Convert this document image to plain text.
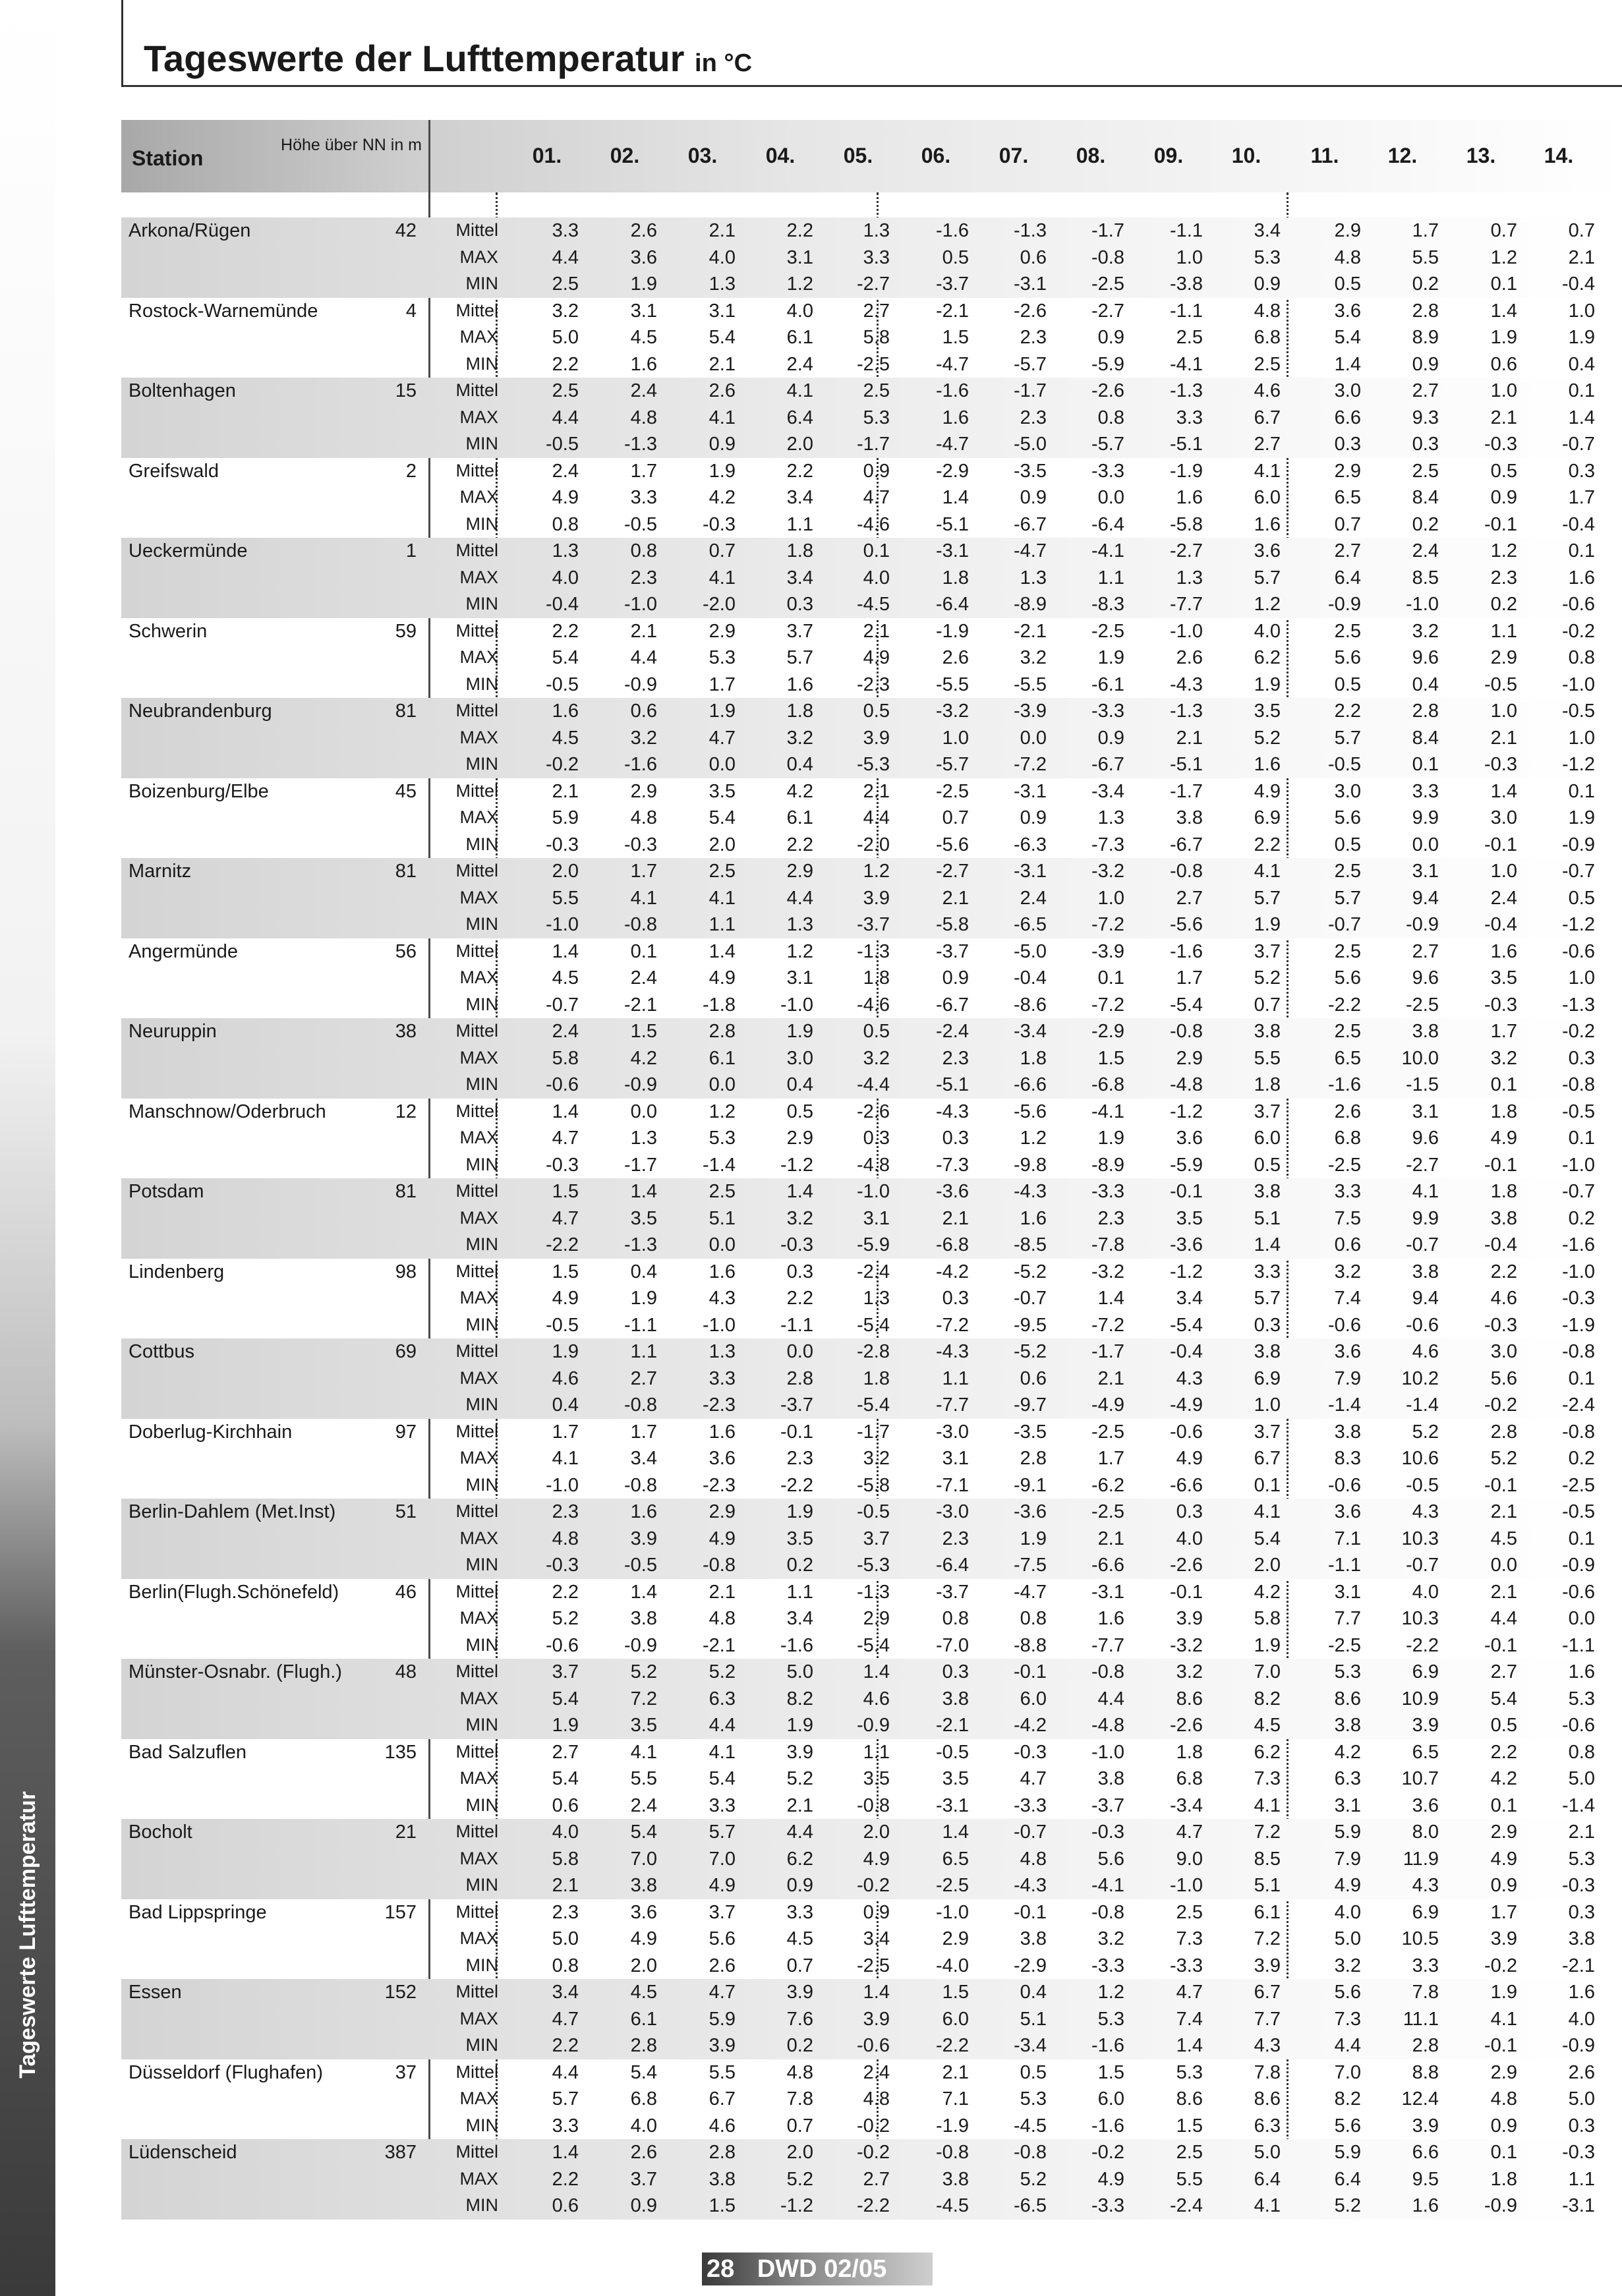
Tageswerte Lufttemperatur
Tageswerte der Lufttemperatur in °C
Station
Höhe über NN in m	01.	02.	03.	04.	05.	06.	07.	08.	09.	10.	11.	12.	13.	14.
Arkona/Rügen	42	Mittel	3.3	2.6	2.1	2.2	1.3	-1.6	-1.3	-1.7	-1.1	3.4	2.9	1.7	0.7	0.7
MAX	4.4	3.6	4.0	3.1	3.3	0.5	0.6	-0.8	1.0	5.3	4.8	5.5	1.2	2.1
MIN	2.5	1.9	1.3	1.2	-2.7	-3.7	-3.1	-2.5	-3.8	0.9	0.5	0.2	0.1	-0.4
Rostock-Warnemünde	4	Mittel	3.2	3.1	3.1	4.0	2.7	-2.1	-2.6	-2.7	-1.1	4.8	3.6	2.8	1.4	1.0
MAX	5.0	4.5	5.4	6.1	5.8	1.5	2.3	0.9	2.5	6.8	5.4	8.9	1.9	1.9
MIN	2.2	1.6	2.1	2.4	-2.5	-4.7	-5.7	-5.9	-4.1	2.5	1.4	0.9	0.6	0.4
Boltenhagen	15	Mittel	2.5	2.4	2.6	4.1	2.5	-1.6	-1.7	-2.6	-1.3	4.6	3.0	2.7	1.0	0.1
MAX	4.4	4.8	4.1	6.4	5.3	1.6	2.3	0.8	3.3	6.7	6.6	9.3	2.1	1.4
MIN	-0.5	-1.3	0.9	2.0	-1.7	-4.7	-5.0	-5.7	-5.1	2.7	0.3	0.3	-0.3	-0.7
Greifswald	2	Mittel	2.4	1.7	1.9	2.2	0.9	-2.9	-3.5	-3.3	-1.9	4.1	2.9	2.5	0.5	0.3
MAX	4.9	3.3	4.2	3.4	4.7	1.4	0.9	0.0	1.6	6.0	6.5	8.4	0.9	1.7
MIN	0.8	-0.5	-0.3	1.1	-4.6	-5.1	-6.7	-6.4	-5.8	1.6	0.7	0.2	-0.1	-0.4
Ueckermünde	1	Mittel	1.3	0.8	0.7	1.8	0.1	-3.1	-4.7	-4.1	-2.7	3.6	2.7	2.4	1.2	0.1
MAX	4.0	2.3	4.1	3.4	4.0	1.8	1.3	1.1	1.3	5.7	6.4	8.5	2.3	1.6
MIN	-0.4	-1.0	-2.0	0.3	-4.5	-6.4	-8.9	-8.3	-7.7	1.2	-0.9	-1.0	0.2	-0.6
Schwerin	59	Mittel	2.2	2.1	2.9	3.7	2.1	-1.9	-2.1	-2.5	-1.0	4.0	2.5	3.2	1.1	-0.2
MAX	5.4	4.4	5.3	5.7	4.9	2.6	3.2	1.9	2.6	6.2	5.6	9.6	2.9	0.8
MIN	-0.5	-0.9	1.7	1.6	-2.3	-5.5	-5.5	-6.1	-4.3	1.9	0.5	0.4	-0.5	-1.0
Neubrandenburg	81	Mittel	1.6	0.6	1.9	1.8	0.5	-3.2	-3.9	-3.3	-1.3	3.5	2.2	2.8	1.0	-0.5
MAX	4.5	3.2	4.7	3.2	3.9	1.0	0.0	0.9	2.1	5.2	5.7	8.4	2.1	1.0
MIN	-0.2	-1.6	0.0	0.4	-5.3	-5.7	-7.2	-6.7	-5.1	1.6	-0.5	0.1	-0.3	-1.2
Boizenburg/Elbe	45	Mittel	2.1	2.9	3.5	4.2	2.1	-2.5	-3.1	-3.4	-1.7	4.9	3.0	3.3	1.4	0.1
MAX	5.9	4.8	5.4	6.1	4.4	0.7	0.9	1.3	3.8	6.9	5.6	9.9	3.0	1.9
MIN	-0.3	-0.3	2.0	2.2	-2.0	-5.6	-6.3	-7.3	-6.7	2.2	0.5	0.0	-0.1	-0.9
Marnitz	81	Mittel	2.0	1.7	2.5	2.9	1.2	-2.7	-3.1	-3.2	-0.8	4.1	2.5	3.1	1.0	-0.7
MAX	5.5	4.1	4.1	4.4	3.9	2.1	2.4	1.0	2.7	5.7	5.7	9.4	2.4	0.5
MIN	-1.0	-0.8	1.1	1.3	-3.7	-5.8	-6.5	-7.2	-5.6	1.9	-0.7	-0.9	-0.4	-1.2
Angermünde	56	Mittel	1.4	0.1	1.4	1.2	-1.3	-3.7	-5.0	-3.9	-1.6	3.7	2.5	2.7	1.6	-0.6
MAX	4.5	2.4	4.9	3.1	1.8	0.9	-0.4	0.1	1.7	5.2	5.6	9.6	3.5	1.0
MIN	-0.7	-2.1	-1.8	-1.0	-4.6	-6.7	-8.6	-7.2	-5.4	0.7	-2.2	-2.5	-0.3	-1.3
Neuruppin	38	Mittel	2.4	1.5	2.8	1.9	0.5	-2.4	-3.4	-2.9	-0.8	3.8	2.5	3.8	1.7	-0.2
MAX	5.8	4.2	6.1	3.0	3.2	2.3	1.8	1.5	2.9	5.5	6.5	10.0	3.2	0.3
MIN	-0.6	-0.9	0.0	0.4	-4.4	-5.1	-6.6	-6.8	-4.8	1.8	-1.6	-1.5	0.1	-0.8
Manschnow/Oderbruch	12	Mittel	1.4	0.0	1.2	0.5	-2.6	-4.3	-5.6	-4.1	-1.2	3.7	2.6	3.1	1.8	-0.5
MAX	4.7	1.3	5.3	2.9	0.3	0.3	1.2	1.9	3.6	6.0	6.8	9.6	4.9	0.1
MIN	-0.3	-1.7	-1.4	-1.2	-4.8	-7.3	-9.8	-8.9	-5.9	0.5	-2.5	-2.7	-0.1	-1.0
Potsdam	81	Mittel	1.5	1.4	2.5	1.4	-1.0	-3.6	-4.3	-3.3	-0.1	3.8	3.3	4.1	1.8	-0.7
MAX	4.7	3.5	5.1	3.2	3.1	2.1	1.6	2.3	3.5	5.1	7.5	9.9	3.8	0.2
MIN	-2.2	-1.3	0.0	-0.3	-5.9	-6.8	-8.5	-7.8	-3.6	1.4	0.6	-0.7	-0.4	-1.6
Lindenberg	98	Mittel	1.5	0.4	1.6	0.3	-2.4	-4.2	-5.2	-3.2	-1.2	3.3	3.2	3.8	2.2	-1.0
MAX	4.9	1.9	4.3	2.2	1.3	0.3	-0.7	1.4	3.4	5.7	7.4	9.4	4.6	-0.3
MIN	-0.5	-1.1	-1.0	-1.1	-5.4	-7.2	-9.5	-7.2	-5.4	0.3	-0.6	-0.6	-0.3	-1.9
Cottbus	69	Mittel	1.9	1.1	1.3	0.0	-2.8	-4.3	-5.2	-1.7	-0.4	3.8	3.6	4.6	3.0	-0.8
MAX	4.6	2.7	3.3	2.8	1.8	1.1	0.6	2.1	4.3	6.9	7.9	10.2	5.6	0.1
MIN	0.4	-0.8	-2.3	-3.7	-5.4	-7.7	-9.7	-4.9	-4.9	1.0	-1.4	-1.4	-0.2	-2.4
Doberlug-Kirchhain	97	Mittel	1.7	1.7	1.6	-0.1	-1.7	-3.0	-3.5	-2.5	-0.6	3.7	3.8	5.2	2.8	-0.8
MAX	4.1	3.4	3.6	2.3	3.2	3.1	2.8	1.7	4.9	6.7	8.3	10.6	5.2	0.2
MIN	-1.0	-0.8	-2.3	-2.2	-5.8	-7.1	-9.1	-6.2	-6.6	0.1	-0.6	-0.5	-0.1	-2.5
Berlin-Dahlem (Met.Inst)	51	Mittel	2.3	1.6	2.9	1.9	-0.5	-3.0	-3.6	-2.5	0.3	4.1	3.6	4.3	2.1	-0.5
MAX	4.8	3.9	4.9	3.5	3.7	2.3	1.9	2.1	4.0	5.4	7.1	10.3	4.5	0.1
MIN	-0.3	-0.5	-0.8	0.2	-5.3	-6.4	-7.5	-6.6	-2.6	2.0	-1.1	-0.7	0.0	-0.9
Berlin(Flugh.Schönefeld)	46	Mittel	2.2	1.4	2.1	1.1	-1.3	-3.7	-4.7	-3.1	-0.1	4.2	3.1	4.0	2.1	-0.6
MAX	5.2	3.8	4.8	3.4	2.9	0.8	0.8	1.6	3.9	5.8	7.7	10.3	4.4	0.0
MIN	-0.6	-0.9	-2.1	-1.6	-5.4	-7.0	-8.8	-7.7	-3.2	1.9	-2.5	-2.2	-0.1	-1.1
Münster-Osnabr. (Flugh.)	48	Mittel	3.7	5.2	5.2	5.0	1.4	0.3	-0.1	-0.8	3.2	7.0	5.3	6.9	2.7	1.6
MAX	5.4	7.2	6.3	8.2	4.6	3.8	6.0	4.4	8.6	8.2	8.6	10.9	5.4	5.3
MIN	1.9	3.5	4.4	1.9	-0.9	-2.1	-4.2	-4.8	-2.6	4.5	3.8	3.9	0.5	-0.6
Bad Salzuflen	135	Mittel	2.7	4.1	4.1	3.9	1.1	-0.5	-0.3	-1.0	1.8	6.2	4.2	6.5	2.2	0.8
MAX	5.4	5.5	5.4	5.2	3.5	3.5	4.7	3.8	6.8	7.3	6.3	10.7	4.2	5.0
MIN	0.6	2.4	3.3	2.1	-0.8	-3.1	-3.3	-3.7	-3.4	4.1	3.1	3.6	0.1	-1.4
Bocholt	21	Mittel	4.0	5.4	5.7	4.4	2.0	1.4	-0.7	-0.3	4.7	7.2	5.9	8.0	2.9	2.1
MAX	5.8	7.0	7.0	6.2	4.9	6.5	4.8	5.6	9.0	8.5	7.9	11.9	4.9	5.3
MIN	2.1	3.8	4.9	0.9	-0.2	-2.5	-4.3	-4.1	-1.0	5.1	4.9	4.3	0.9	-0.3
Bad Lippspringe	157	Mittel	2.3	3.6	3.7	3.3	0.9	-1.0	-0.1	-0.8	2.5	6.1	4.0	6.9	1.7	0.3
MAX	5.0	4.9	5.6	4.5	3.4	2.9	3.8	3.2	7.3	7.2	5.0	10.5	3.9	3.8
MIN	0.8	2.0	2.6	0.7	-2.5	-4.0	-2.9	-3.3	-3.3	3.9	3.2	3.3	-0.2	-2.1
Essen	152	Mittel	3.4	4.5	4.7	3.9	1.4	1.5	0.4	1.2	4.7	6.7	5.6	7.8	1.9	1.6
MAX	4.7	6.1	5.9	7.6	3.9	6.0	5.1	5.3	7.4	7.7	7.3	11.1	4.1	4.0
MIN	2.2	2.8	3.9	0.2	-0.6	-2.2	-3.4	-1.6	1.4	4.3	4.4	2.8	-0.1	-0.9
Düsseldorf (Flughafen)	37	Mittel	4.4	5.4	5.5	4.8	2.4	2.1	0.5	1.5	5.3	7.8	7.0	8.8	2.9	2.6
MAX	5.7	6.8	6.7	7.8	4.8	7.1	5.3	6.0	8.6	8.6	8.2	12.4	4.8	5.0
MIN	3.3	4.0	4.6	0.7	-0.2	-1.9	-4.5	-1.6	1.5	6.3	5.6	3.9	0.9	0.3
Lüdenscheid	387	Mittel	1.4	2.6	2.8	2.0	-0.2	-0.8	-0.8	-0.2	2.5	5.0	5.9	6.6	0.1	-0.3
MAX	2.2	3.7	3.8	5.2	2.7	3.8	5.2	4.9	5.5	6.4	6.4	9.5	1.8	1.1
MIN	0.6	0.9	1.5	-1.2	-2.2	-4.5	-6.5	-3.3	-2.4	4.1	5.2	1.6	-0.9	-3.1
28 DWD 02/05
